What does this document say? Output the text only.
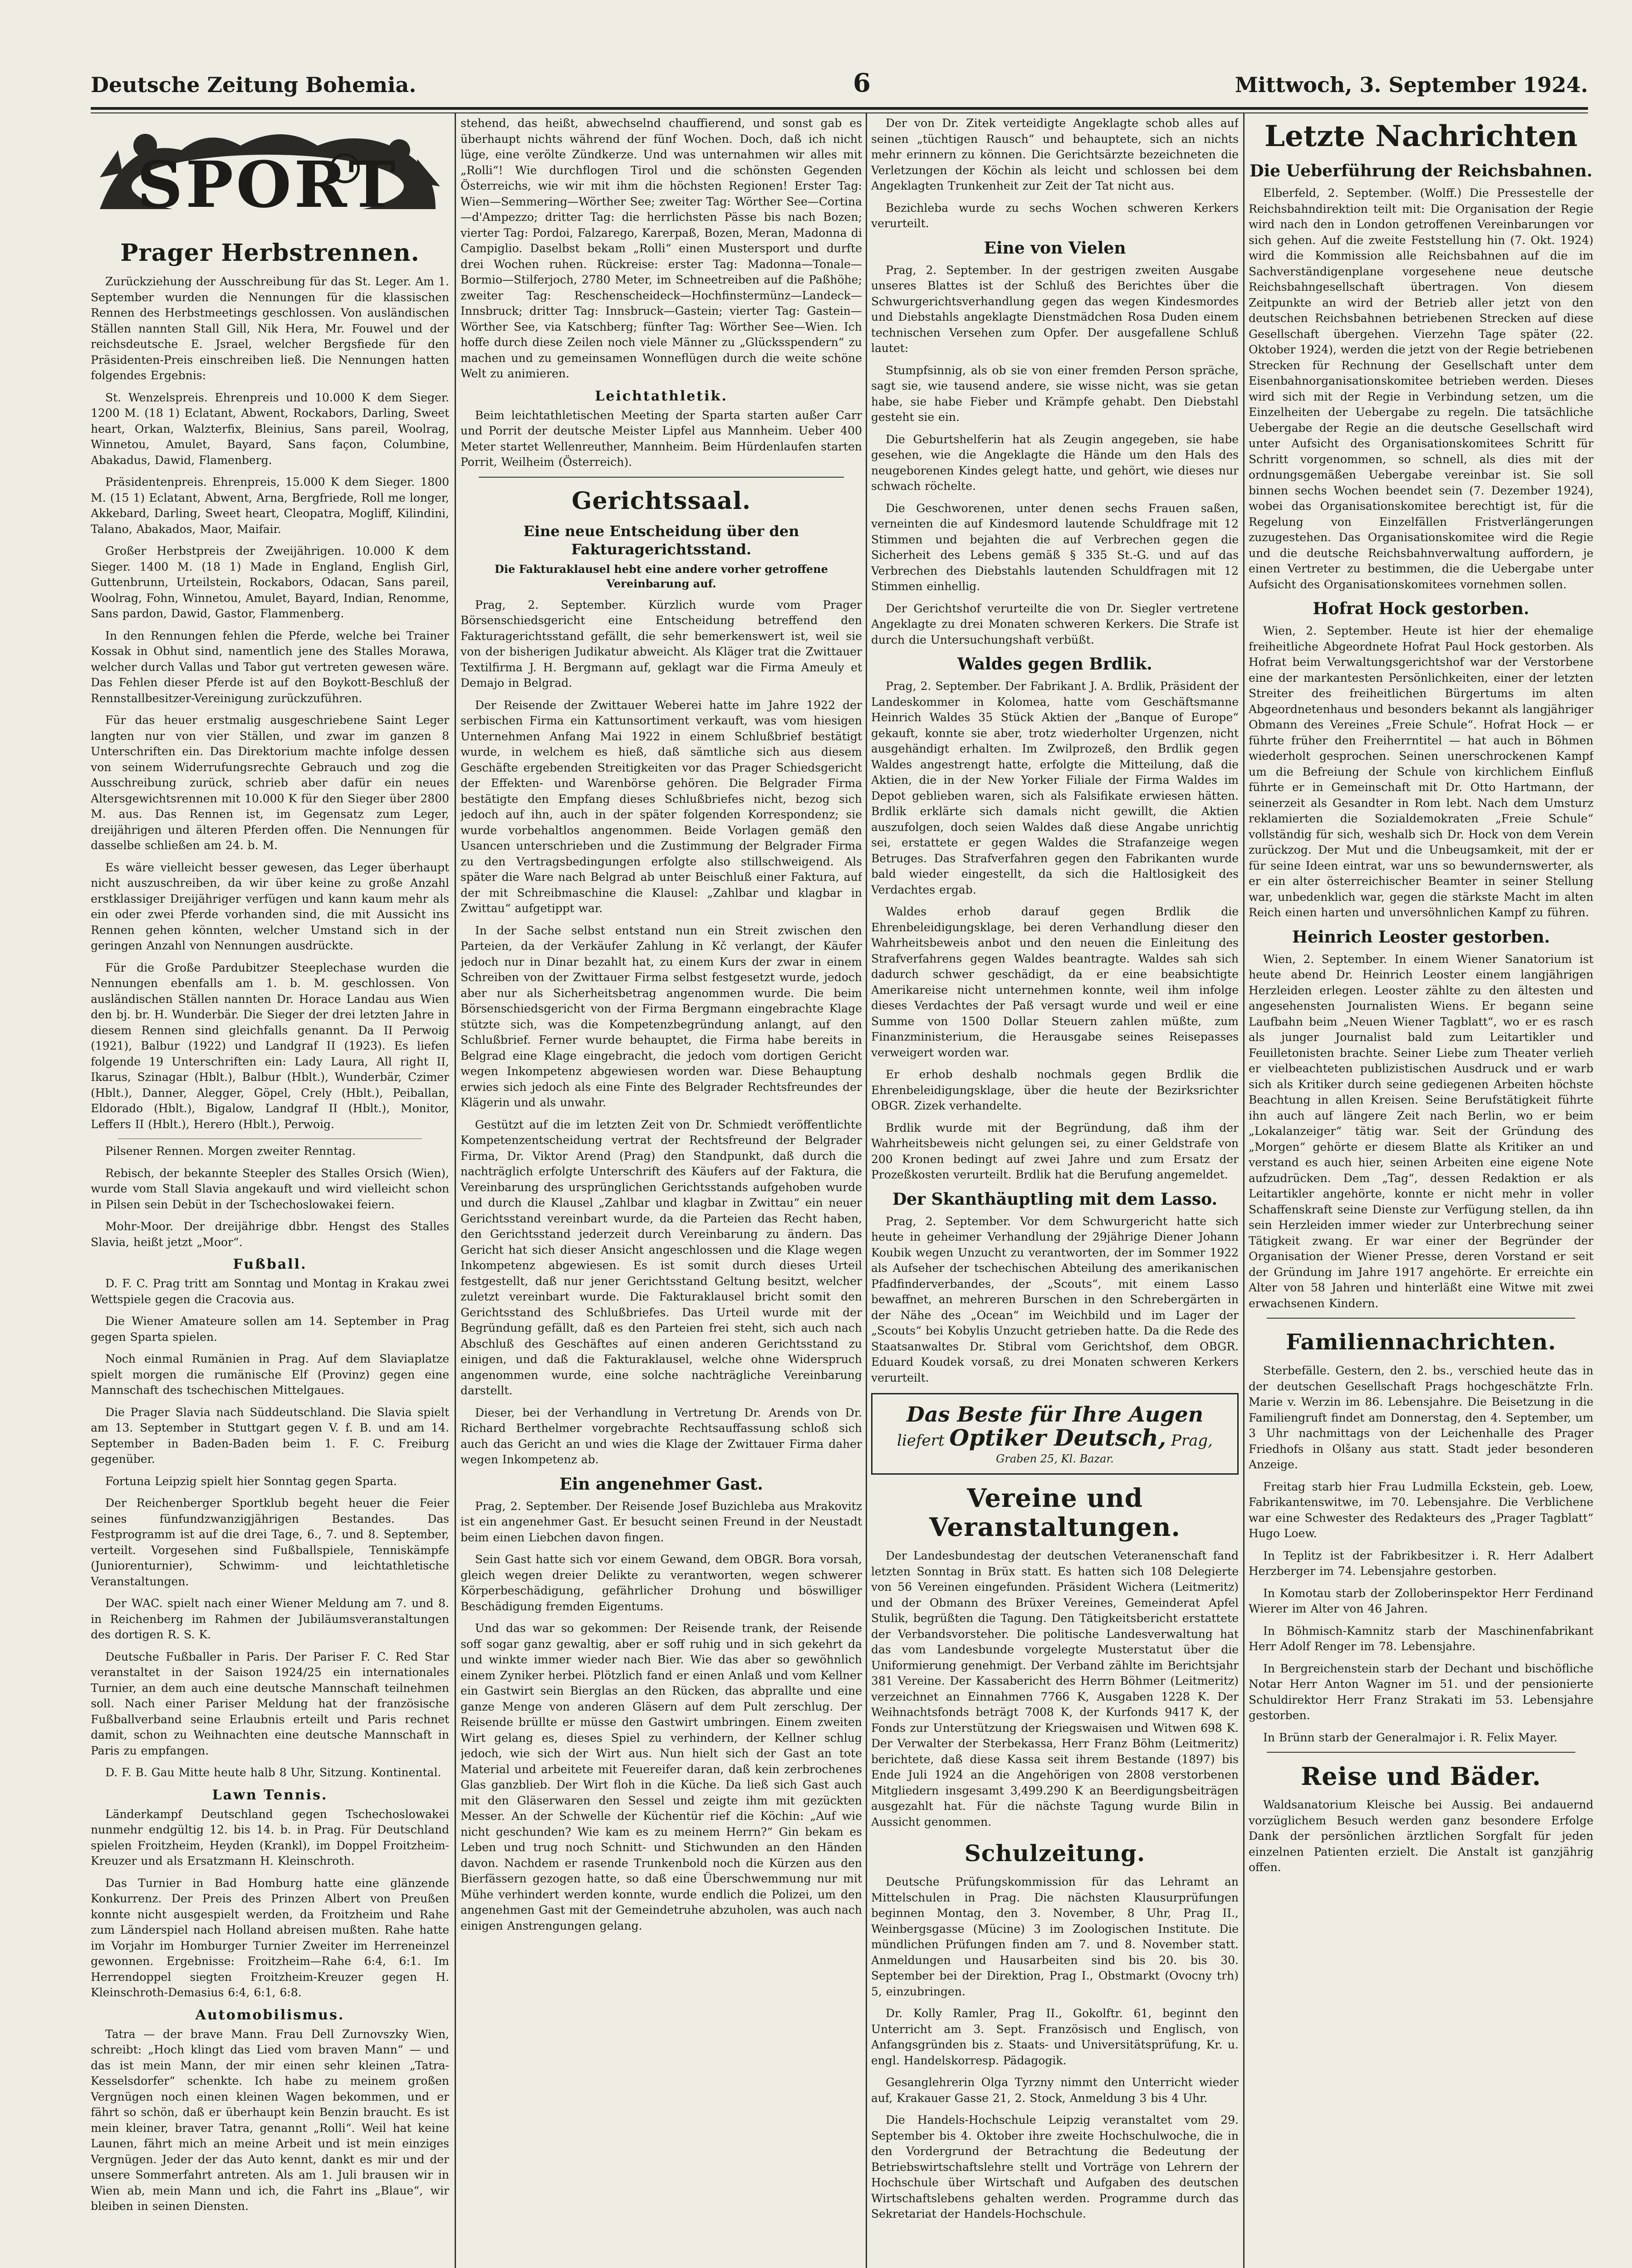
Deutsche Zeitung Bohemia.	6	Mittwoch, 3. September 1924.
SPORT
Prager Herbstrennen.

Zurückziehung der Ausschreibung für das St. Leger. Am 1. September wurden die Nennungen für die klassischen Rennen des Herbstmeetings geschlossen. Von ausländischen Ställen nannten Stall Gill, Nik Hera, Mr. Fouwel und der reichsdeutsche E. Jsrael, welcher Bergsfiede für den Präsidenten-Preis einschreiben ließ. Die Nennungen hatten folgendes Ergebnis:

St. Wenzelspreis. Ehrenpreis und 10.000 K dem Sieger. 1200 M. (18 1) Eclatant, Abwent, Rockabors, Darling, Sweet heart, Orkan, Walzterfix, Bleinius, Sans pareil, Woolrag, Winnetou, Amulet, Bayard, Sans façon, Columbine, Abakadus, Dawid, Flamenberg.

Präsidentenpreis. Ehrenpreis, 15.000 K dem Sieger. 1800 M. (15 1) Eclatant, Abwent, Arna, Bergfriede, Roll me longer, Akkebard, Darling, Sweet heart, Cleopatra, Mogliff, Kilindini, Talano, Abakados, Maor, Maifair.

Großer Herbstpreis der Zweijährigen. 10.000 K dem Sieger. 1400 M. (18 1) Made in England, English Girl, Guttenbrunn, Urteilstein, Rockabors, Odacan, Sans pareil, Woolrag, Fohn, Winnetou, Amulet, Bayard, Indian, Renomme, Sans pardon, Dawid, Gastor, Flammenberg.

In den Rennungen fehlen die Pferde, welche bei Trainer Kossak in Obhut sind, namentlich jene des Stalles Morawa, welcher durch Vallas und Tabor gut vertreten gewesen wäre. Das Fehlen dieser Pferde ist auf den Boykott-Beschluß der Rennstallbesitzer-Vereinigung zurückzuführen.

Für das heuer erstmalig ausgeschriebene Saint Leger langten nur von vier Ställen, und zwar im ganzen 8 Unterschriften ein. Das Direktorium machte infolge dessen von seinem Widerrufungsrechte Gebrauch und zog die Ausschreibung zurück, schrieb aber dafür ein neues Altersgewichtsrennen mit 10.000 K für den Sieger über 2800 M. aus. Das Rennen ist, im Gegensatz zum Leger, dreijährigen und älteren Pferden offen. Die Nennungen für dasselbe schließen am 24. b. M.

Es wäre vielleicht besser gewesen, das Leger überhaupt nicht auszuschreiben, da wir über keine zu große Anzahl erstklassiger Dreijähriger verfügen und kann kaum mehr als ein oder zwei Pferde vorhanden sind, die mit Aussicht ins Rennen gehen könnten, welcher Umstand sich in der geringen Anzahl von Nennungen ausdrückte.

Für die Große Pardubitzer Steeplechase wurden die Nennungen ebenfalls am 1. b. M. geschlossen. Von ausländischen Ställen nannten Dr. Horace Landau aus Wien den bj. br. H. Wunderbär. Die Sieger der drei letzten Jahre in diesem Rennen sind gleichfalls genannt. Da II Perwoig (1921), Balbur (1922) und Landgraf II (1923). Es liefen folgende 19 Unterschriften ein: Lady Laura, All right II, Ikarus, Szinagar (Hblt.), Balbur (Hblt.), Wunderbär, Czimer (Hblt.), Danner, Alegger, Göpel, Crely (Hblt.), Peiballan, Eldorado (Hblt.), Bigalow, Landgraf II (Hblt.), Monitor, Leffers II (Hblt.), Herero (Hblt.), Perwoig.

Pilsener Rennen. Morgen zweiter Renntag.

Rebisch, der bekannte Steepler des Stalles Orsich (Wien), wurde vom Stall Slavia angekauft und wird vielleicht schon in Pilsen sein Debüt in der Tschechoslowakei feiern.

Mohr-Moor. Der dreijährige dbbr. Hengst des Stalles Slavia, heißt jetzt „Moor“.

Fußball.

D. F. C. Prag tritt am Sonntag und Montag in Krakau zwei Wettspiele gegen die Cracovia aus.

Die Wiener Amateure sollen am 14. September in Prag gegen Sparta spielen.

Noch einmal Rumänien in Prag. Auf dem Slaviaplatze spielt morgen die rumänische Elf (Provinz) gegen eine Mannschaft des tschechischen Mittelgaues.

Die Prager Slavia nach Süddeutschland. Die Slavia spielt am 13. September in Stuttgart gegen V. f. B. und am 14. September in Baden-Baden beim 1. F. C. Freiburg gegenüber.

Fortuna Leipzig spielt hier Sonntag gegen Sparta.

Der Reichenberger Sportklub begeht heuer die Feier seines fünfundzwanzigjährigen Bestandes. Das Festprogramm ist auf die drei Tage, 6., 7. und 8. September, verteilt. Vorgesehen sind Fußballspiele, Tenniskämpfe (Juniorenturnier), Schwimm- und leichtathletische Veranstaltungen.

Der WAC. spielt nach einer Wiener Meldung am 7. und 8. in Reichenberg im Rahmen der Jubiläumsveranstaltungen des dortigen R. S. K.

Deutsche Fußballer in Paris. Der Pariser F. C. Red Star veranstaltet in der Saison 1924/25 ein internationales Turnier, an dem auch eine deutsche Mannschaft teilnehmen soll. Nach einer Pariser Meldung hat der französische Fußballverband seine Erlaubnis erteilt und Paris rechnet damit, schon zu Weihnachten eine deutsche Mannschaft in Paris zu empfangen.

D. F. B. Gau Mitte heute halb 8 Uhr, Sitzung. Kontinental.

Lawn Tennis.

Länderkampf Deutschland gegen Tschechoslowakei nunmehr endgültig 12. bis 14. b. in Prag. Für Deutschland spielen Froitzheim, Heyden (Krankl), im Doppel Froitzheim-Kreuzer und als Ersatzmann H. Kleinschroth.

Das Turnier in Bad Homburg hatte eine glänzende Konkurrenz. Der Preis des Prinzen Albert von Preußen konnte nicht ausgespielt werden, da Froitzheim und Rahe zum Länderspiel nach Holland abreisen mußten. Rahe hatte im Vorjahr im Homburger Turnier Zweiter im Herreneinzel gewonnen. Ergebnisse: Froitzheim—Rahe 6:4, 6:1. Im Herrendoppel siegten Froitzheim-Kreuzer gegen H. Kleinschroth-Demasius 6:4, 6:1, 6:8.

Automobilismus.

Tatra — der brave Mann. Frau Dell Zurnovszky Wien, schreibt: „Hoch klingt das Lied vom braven Mann“ — und das ist mein Mann, der mir einen sehr kleinen „Tatra-Kesselsdorfer“ schenkte. Ich habe zu meinem großen Vergnügen noch einen kleinen Wagen bekommen, und er fährt so schön, daß er überhaupt kein Benzin braucht. Es ist mein kleiner, braver Tatra, genannt „Rolli“. Weil hat keine Launen, fährt mich an meine Arbeit und ist mein einziges Vergnügen. Jeder der das Auto kennt, dankt es mir und der unsere Sommerfahrt antreten. Als am 1. Juli brausen wir in Wien ab, mein Mann und ich, die Fahrt ins „Blaue“, wir bleiben in seinen Diensten.

stehend, das heißt, abwechselnd chauffierend, und sonst gab es überhaupt nichts während der fünf Wochen. Doch, daß ich nicht lüge, eine verölte Zündkerze. Und was unternahmen wir alles mit „Rolli“! Wie durchflogen Tirol und die schönsten Gegenden Österreichs, wie wir mit ihm die höchsten Regionen! Erster Tag: Wien—Semmering—Wörther See; zweiter Tag: Wörther See—Cortina—d'Ampezzo; dritter Tag: die herrlichsten Pässe bis nach Bozen; vierter Tag: Pordoi, Falzarego, Karerpaß, Bozen, Meran, Madonna di Campiglio. Daselbst bekam „Rolli“ einen Mustersport und durfte drei Wochen ruhen. Rückreise: erster Tag: Madonna—Tonale—Bormio—Stilferjoch, 2780 Meter, im Schneetreiben auf die Paßhöhe; zweiter Tag: Reschenscheideck—Hochfinstermünz—Landeck—Innsbruck; dritter Tag: Innsbruck—Gastein; vierter Tag: Gastein—Wörther See, via Katschberg; fünfter Tag: Wörther See—Wien. Ich hoffe durch diese Zeilen noch viele Männer zu „Glücksspendern“ zu machen und zu gemeinsamen Wonneflügen durch die weite schöne Welt zu animieren.

Leichtathletik.

Beim leichtathletischen Meeting der Sparta starten außer Carr und Porrit der deutsche Meister Lipfel aus Mannheim. Ueber 400 Meter startet Wellenreuther, Mannheim. Beim Hürdenlaufen starten Porrit, Weilheim (Österreich).

Gerichtssaal.
Eine neue Entscheidung über den Fakturagerichtsstand.
Die Fakturaklausel hebt eine andere vorher getroffene Vereinbarung auf.

Prag, 2. September. Kürzlich wurde vom Prager Börsenschiedsgericht eine Entscheidung betreffend den Fakturagerichtsstand gefällt, die sehr bemerkenswert ist, weil sie von der bisherigen Judikatur abweicht. Als Kläger trat die Zwittauer Textilfirma J. H. Bergmann auf, geklagt war die Firma Ameuly et Demajo in Belgrad.

Der Reisende der Zwittauer Weberei hatte im Jahre 1922 der serbischen Firma ein Kattunsortiment verkauft, was vom hiesigen Unternehmen Anfang Mai 1922 in einem Schlußbrief bestätigt wurde, in welchem es hieß, daß sämtliche sich aus diesem Geschäfte ergebenden Streitigkeiten vor das Prager Schiedsgericht der Effekten- und Warenbörse gehören. Die Belgrader Firma bestätigte den Empfang dieses Schlußbriefes nicht, bezog sich jedoch auf ihn, auch in der später folgenden Korrespondenz; sie wurde vorbehaltlos angenommen. Beide Vorlagen gemäß den Usancen unterschrieben und die Zustimmung der Belgrader Firma zu den Vertragsbedingungen erfolgte also stillschweigend. Als später die Ware nach Belgrad ab unter Beischluß einer Faktura, auf der mit Schreibmaschine die Klausel: „Zahlbar und klagbar in Zwittau“ aufgetippt war.

In der Sache selbst entstand nun ein Streit zwischen den Parteien, da der Verkäufer Zahlung in Kč verlangt, der Käufer jedoch nur in Dinar bezahlt hat, zu einem Kurs der zwar in einem Schreiben von der Zwittauer Firma selbst festgesetzt wurde, jedoch aber nur als Sicherheitsbetrag angenommen wurde. Die beim Börsenschiedsgericht von der Firma Bergmann eingebrachte Klage stützte sich, was die Kompetenzbegründung anlangt, auf den Schlußbrief. Ferner wurde behauptet, die Firma habe bereits in Belgrad eine Klage eingebracht, die jedoch vom dortigen Gericht wegen Inkompetenz abgewiesen worden war. Diese Behauptung erwies sich jedoch als eine Finte des Belgrader Rechtsfreundes der Klägerin und als unwahr.

Gestützt auf die im letzten Zeit von Dr. Schmiedt veröffentlichte Kompetenzentscheidung vertrat der Rechtsfreund der Belgrader Firma, Dr. Viktor Arend (Prag) den Standpunkt, daß durch die nachträglich erfolgte Unterschrift des Käufers auf der Faktura, die Vereinbarung des ursprünglichen Gerichtsstands aufgehoben wurde und durch die Klausel „Zahlbar und klagbar in Zwittau“ ein neuer Gerichtsstand vereinbart wurde, da die Parteien das Recht haben, den Gerichtsstand jederzeit durch Vereinbarung zu ändern. Das Gericht hat sich dieser Ansicht angeschlossen und die Klage wegen Inkompetenz abgewiesen. Es ist somit durch dieses Urteil festgestellt, daß nur jener Gerichtsstand Geltung besitzt, welcher zuletzt vereinbart wurde. Die Fakturaklausel bricht somit den Gerichtsstand des Schlußbriefes. Das Urteil wurde mit der Begründung gefällt, daß es den Parteien frei steht, sich auch nach Abschluß des Geschäftes auf einen anderen Gerichtsstand zu einigen, und daß die Fakturaklausel, welche ohne Widerspruch angenommen wurde, eine solche nachträgliche Vereinbarung darstellt.

Dieser, bei der Verhandlung in Vertretung Dr. Arends von Dr. Richard Berthelmer vorgebrachte Rechtsauffassung schloß sich auch das Gericht an und wies die Klage der Zwittauer Firma daher wegen Inkompetenz ab.

Ein angenehmer Gast.

Prag, 2. September. Der Reisende Josef Buzichleba aus Mrakovitz ist ein angenehmer Gast. Er besucht seinen Freund in der Neustadt beim einen Liebchen davon fingen.

Sein Gast hatte sich vor einem Gewand, dem OBGR. Bora vorsah, gleich wegen dreier Delikte zu verantworten, wegen schwerer Körperbeschädigung, gefährlicher Drohung und böswilliger Beschädigung fremden Eigentums.

Und das war so gekommen: Der Reisende trank, der Reisende soff sogar ganz gewaltig, aber er soff ruhig und in sich gekehrt da und winkte immer wieder nach Bier. Wie das aber so gewöhnlich einem Zyniker herbei. Plötzlich fand er einen Anlaß und vom Kellner ein Gastwirt sein Bierglas an den Rücken, das abprallte und eine ganze Menge von anderen Gläsern auf dem Pult zerschlug. Der Reisende brüllte er müsse den Gastwirt umbringen. Einem zweiten Wirt gelang es, dieses Spiel zu verhindern, der Kellner schlug jedoch, wie sich der Wirt aus. Nun hielt sich der Gast an tote Material und arbeitete mit Feuereifer daran, daß kein zerbrochenes Glas ganzblieb. Der Wirt floh in die Küche. Da ließ sich Gast auch mit den Gläserwaren den Sessel und zeigte ihm mit gezückten Messer. An der Schwelle der Küchentür rief die Köchin: „Auf wie nicht geschunden? Wie kam es zu meinem Herrn?“ Gin bekam es Leben und trug noch Schnitt- und Stichwunden an den Händen davon. Nachdem er rasende Trunkenbold noch die Kürzen aus den Bierfässern gezogen hatte, so daß eine Überschwemmung nur mit Mühe verhindert werden konnte, wurde endlich die Polizei, um den angenehmen Gast mit der Gemeindetruhe abzuholen, was auch nach einigen Anstrengungen gelang.

Der von Dr. Zitek verteidigte Angeklagte schob alles auf seinen „tüchtigen Rausch“ und behauptete, sich an nichts mehr erinnern zu können. Die Gerichtsärzte bezeichneten die Verletzungen der Köchin als leicht und schlossen bei dem Angeklagten Trunkenheit zur Zeit der Tat nicht aus.

Bezichleba wurde zu sechs Wochen schweren Kerkers verurteilt.

Eine von Vielen

Prag, 2. September. In der gestrigen zweiten Ausgabe unseres Blattes ist der Schluß des Berichtes über die Schwurgerichtsverhandlung gegen das wegen Kindesmordes und Diebstahls angeklagte Dienstmädchen Rosa Duden einem technischen Versehen zum Opfer. Der ausgefallene Schluß lautet:

Stumpfsinnig, als ob sie von einer fremden Person spräche, sagt sie, wie tausend andere, sie wisse nicht, was sie getan habe, sie habe Fieber und Krämpfe gehabt. Den Diebstahl gesteht sie ein.

Die Geburtshelferin hat als Zeugin angegeben, sie habe gesehen, wie die Angeklagte die Hände um den Hals des neugeborenen Kindes gelegt hatte, und gehört, wie dieses nur schwach röchelte.

Die Geschworenen, unter denen sechs Frauen saßen, verneinten die auf Kindesmord lautende Schuldfrage mit 12 Stimmen und bejahten die auf Verbrechen gegen die Sicherheit des Lebens gemäß § 335 St.-G. und auf das Verbrechen des Diebstahls lautenden Schuldfragen mit 12 Stimmen einhellig.

Der Gerichtshof verurteilte die von Dr. Siegler vertretene Angeklagte zu drei Monaten schweren Kerkers. Die Strafe ist durch die Untersuchungshaft verbüßt.

Waldes gegen Brdlik.

Prag, 2. September. Der Fabrikant J. A. Brdlik, Präsident der Landeskommer in Kolomea, hatte vom Geschäftsmanne Heinrich Waldes 35 Stück Aktien der „Banque of Europe“ gekauft, konnte sie aber, trotz wiederholter Urgenzen, nicht ausgehändigt erhalten. Im Zwilprozeß, den Brdlik gegen Waldes angestrengt hatte, erfolgte die Mitteilung, daß die Aktien, die in der New Yorker Filiale der Firma Waldes im Depot geblieben waren, sich als Falsifikate erwiesen hätten. Brdlik erklärte sich damals nicht gewillt, die Aktien auszufolgen, doch seien Waldes daß diese Angabe unrichtig sei, erstattete er gegen Waldes die Strafanzeige wegen Betruges. Das Strafverfahren gegen den Fabrikanten wurde bald wieder eingestellt, da sich die Haltlosigkeit des Verdachtes ergab.

Waldes erhob darauf gegen Brdlik die Ehrenbeleidigungsklage, bei deren Verhandlung dieser den Wahrheitsbeweis anbot und den neuen die Einleitung des Strafverfahrens gegen Waldes beantragte. Waldes sah sich dadurch schwer geschädigt, da er eine beabsichtigte Amerikareise nicht unternehmen konnte, weil ihm infolge dieses Verdachtes der Paß versagt wurde und weil er eine Summe von 1500 Dollar Steuern zahlen müßte, zum Finanzministerium, die Herausgabe seines Reisepasses verweigert worden war.

Er erhob deshalb nochmals gegen Brdlik die Ehrenbeleidigungsklage, über die heute der Bezirksrichter OBGR. Zizek verhandelte.

Brdlik wurde mit der Begründung, daß ihm der Wahrheitsbeweis nicht gelungen sei, zu einer Geldstrafe von 200 Kronen bedingt auf zwei Jahre und zum Ersatz der Prozeßkosten verurteilt. Brdlik hat die Berufung angemeldet.

Der Skanthäuptling mit dem Lasso.

Prag, 2. September. Vor dem Schwurgericht hatte sich heute in geheimer Verhandlung der 29jährige Diener Johann Koubik wegen Unzucht zu verantworten, der im Sommer 1922 als Aufseher der tschechischen Abteilung des amerikanischen Pfadfinderverbandes, der „Scouts“, mit einem Lasso bewaffnet, an mehreren Burschen in den Schrebergärten in der Nähe des „Ocean“ im Weichbild und im Lager der „Scouts“ bei Kobylis Unzucht getrieben hatte. Da die Rede des Staatsanwaltes Dr. Stibral vom Gerichtshof, dem OBGR. Eduard Koudek vorsaß, zu drei Monaten schweren Kerkers verurteilt.

Das Beste für Ihre Augen
liefert Optiker Deutsch, Prag,
Graben 25, Kl. Bazar.
Vereine und Veranstaltungen.

Der Landesbundestag der deutschen Veteranenschaft fand letzten Sonntag in Brüx statt. Es hatten sich 108 Delegierte von 56 Vereinen eingefunden. Präsident Wichera (Leitmeritz) und der Obmann des Brüxer Vereines, Gemeinderat Apfel Stulik, begrüßten die Tagung. Den Tätigkeitsbericht erstattete der Verbandsvorsteher. Die politische Landesverwaltung hat das vom Landesbunde vorgelegte Musterstatut über die Uniformierung genehmigt. Der Verband zählte im Berichtsjahr 381 Vereine. Der Kassabericht des Herrn Böhmer (Leitmeritz) verzeichnet an Einnahmen 7766 K, Ausgaben 1228 K. Der Weihnachtsfonds beträgt 7008 K, der Kurfonds 9417 K, der Fonds zur Unterstützung der Kriegswaisen und Witwen 698 K. Der Verwalter der Sterbekassa, Herr Franz Böhm (Leitmeritz) berichtete, daß diese Kassa seit ihrem Bestande (1897) bis Ende Juli 1924 an die Angehörigen von 2808 verstorbenen Mitgliedern insgesamt 3,499.290 K an Beerdigungsbeiträgen ausgezahlt hat. Für die nächste Tagung wurde Bilin in Aussicht genommen.

Schulzeitung.

Deutsche Prüfungskommission für das Lehramt an Mittelschulen in Prag. Die nächsten Klausurprüfungen beginnen Montag, den 3. November, 8 Uhr, Prag II., Weinbergsgasse (Mücine) 3 im Zoologischen Institute. Die mündlichen Prüfungen finden am 7. und 8. November statt. Anmeldungen und Hausarbeiten sind bis 20. bis 30. September bei der Direktion, Prag I., Obstmarkt (Ovocny trh) 5, einzubringen.

Dr. Kolly Ramler, Prag II., Gokolftr. 61, beginnt den Unterricht am 3. Sept. Französisch und Englisch, von Anfangsgründen bis z. Staats- und Universitätsprüfung, Kr. u. engl. Handelskorresp. Pädagogik.

Gesanglehrerin Olga Tyrzny nimmt den Unterricht wieder auf, Krakauer Gasse 21, 2. Stock, Anmeldung 3 bis 4 Uhr.

Die Handels-Hochschule Leipzig veranstaltet vom 29. September bis 4. Oktober ihre zweite Hochschulwoche, die in den Vordergrund der Betrachtung die Bedeutung der Betriebswirtschaftslehre stellt und Vorträge von Lehrern der Hochschule über Wirtschaft und Aufgaben des deutschen Wirtschaftslebens gehalten werden. Programme durch das Sekretariat der Handels-Hochschule.

Letzte Nachrichten
Die Ueberführung der Reichsbahnen.

Elberfeld, 2. September. (Wolff.) Die Pressestelle der Reichsbahndirektion teilt mit: Die Organisation der Regie wird nach den in London getroffenen Vereinbarungen vor sich gehen. Auf die zweite Feststellung hin (7. Okt. 1924) wird die Kommission alle Reichsbahnen auf die im Sachverständigenplane vorgesehene neue deutsche Reichsbahngesellschaft übertragen. Von diesem Zeitpunkte an wird der Betrieb aller jetzt von den deutschen Reichsbahnen betriebenen Strecken auf diese Gesellschaft übergehen. Vierzehn Tage später (22. Oktober 1924), werden die jetzt von der Regie betriebenen Strecken für Rechnung der Gesellschaft unter dem Eisenbahnorganisationskomitee betrieben werden. Dieses wird sich mit der Regie in Verbindung setzen, um die Einzelheiten der Uebergabe zu regeln. Die tatsächliche Uebergabe der Regie an die deutsche Gesellschaft wird unter Aufsicht des Organisationskomitees Schritt für Schritt vorgenommen, so schnell, als dies mit der ordnungsgemäßen Uebergabe vereinbar ist. Sie soll binnen sechs Wochen beendet sein (7. Dezember 1924), wobei das Organisationskomitee berechtigt ist, für die Regelung von Einzelfällen Fristverlängerungen zuzugestehen. Das Organisationskomitee wird die Regie und die deutsche Reichsbahnverwaltung auffordern, je einen Vertreter zu bestimmen, die die Uebergabe unter Aufsicht des Organisationskomitees vornehmen sollen.

Hofrat Hock gestorben.

Wien, 2. September. Heute ist hier der ehemalige freiheitliche Abgeordnete Hofrat Paul Hock gestorben. Als Hofrat beim Verwaltungsgerichtshof war der Verstorbene eine der markantesten Persönlichkeiten, einer der letzten Streiter des freiheitlichen Bürgertums im alten Abgeordnetenhaus und besonders bekannt als langjähriger Obmann des Vereines „Freie Schule“. Hofrat Hock — er führte früher den Freiherrntitel — hat auch in Böhmen wiederholt gesprochen. Seinen unerschrockenen Kampf um die Befreiung der Schule von kirchlichem Einfluß führte er in Gemeinschaft mit Dr. Otto Hartmann, der seinerzeit als Gesandter in Rom lebt. Nach dem Umsturz reklamierten die Sozialdemokraten „Freie Schule“ vollständig für sich, weshalb sich Dr. Hock von dem Verein zurückzog. Der Mut und die Unbeugsamkeit, mit der er für seine Ideen eintrat, war uns so bewundernswerter, als er ein alter österreichischer Beamter in seiner Stellung war, unbedenklich war, gegen die stärkste Macht im alten Reich einen harten und unversöhnlichen Kampf zu führen.

Heinrich Leoster gestorben.

Wien, 2. September. In einem Wiener Sanatorium ist heute abend Dr. Heinrich Leoster einem langjährigen Herzleiden erlegen. Leoster zählte zu den ältesten und angesehensten Journalisten Wiens. Er begann seine Laufbahn beim „Neuen Wiener Tagblatt“, wo er es rasch als junger Journalist bald zum Leitartikler und Feuilletonisten brachte. Seiner Liebe zum Theater verlieh er vielbeachteten publizistischen Ausdruck und er warb sich als Kritiker durch seine gediegenen Arbeiten höchste Beachtung in allen Kreisen. Seine Berufstätigkeit führte ihn auch auf längere Zeit nach Berlin, wo er beim „Lokalanzeiger“ tätig war. Seit der Gründung des „Morgen“ gehörte er diesem Blatte als Kritiker an und verstand es auch hier, seinen Arbeiten eine eigene Note aufzudrücken. Dem „Tag“, dessen Redaktion er als Leitartikler angehörte, konnte er nicht mehr in voller Schaffenskraft seine Dienste zur Verfügung stellen, da ihn sein Herzleiden immer wieder zur Unterbrechung seiner Tätigkeit zwang. Er war einer der Begründer der Organisation der Wiener Presse, deren Vorstand er seit der Gründung im Jahre 1917 angehörte. Er erreichte ein Alter von 58 Jahren und hinterläßt eine Witwe mit zwei erwachsenen Kindern.

Familiennachrichten.

Sterbefälle. Gestern, den 2. bs., verschied heute das in der deutschen Gesellschaft Prags hochgeschätzte Frln. Marie v. Werzin im 86. Lebensjahre. Die Beisetzung in die Familiengruft findet am Donnerstag, den 4. September, um 3 Uhr nachmittags von der Leichenhalle des Prager Friedhofs in Olšany aus statt. Stadt jeder besonderen Anzeige.

Freitag starb hier Frau Ludmilla Eckstein, geb. Loew, Fabrikantenswitwe, im 70. Lebensjahre. Die Verblichene war eine Schwester des Redakteurs des „Prager Tagblatt“ Hugo Loew.

In Teplitz ist der Fabrikbesitzer i. R. Herr Adalbert Herzberger im 74. Lebensjahre gestorben.

In Komotau starb der Zolloberinspektor Herr Ferdinand Wierer im Alter von 46 Jahren.

In Böhmisch-Kamnitz starb der Maschinenfabrikant Herr Adolf Renger im 78. Lebensjahre.

In Bergreichenstein starb der Dechant und bischöfliche Notar Herr Anton Wagner im 51. und der pensionierte Schuldirektor Herr Franz Strakati im 53. Lebensjahre gestorben.

In Brünn starb der Generalmajor i. R. Felix Mayer.

Reise und Bäder.

Waldsanatorium Kleische bei Aussig. Bei andauernd vorzüglichem Besuch werden ganz besondere Erfolge Dank der persönlichen ärztlichen Sorgfalt für jeden einzelnen Patienten erzielt. Die Anstalt ist ganzjährig offen.
